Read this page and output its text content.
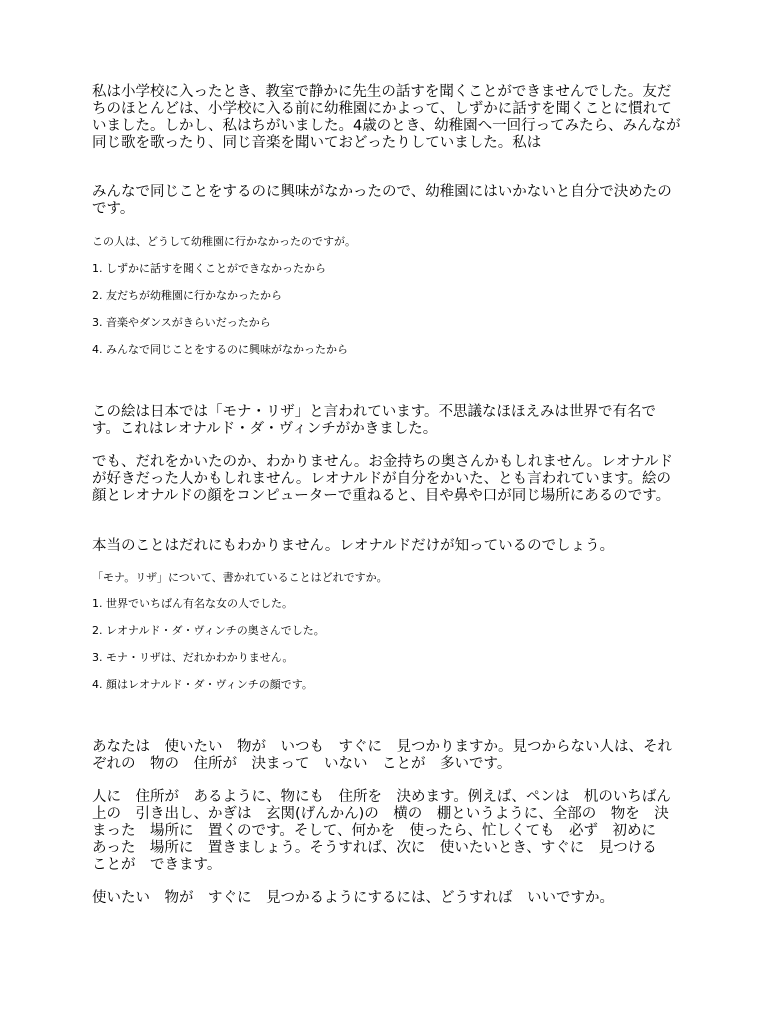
私は小学校に入ったとき、教室で静かに先生の話すを聞くことができませんでした。友だちのほとんどは、小学校に入る前に幼稚園にかよって、しずかに話すを聞くことに慣れていました。しかし、私はちがいました。4歳のとき、幼稚園へ一回行ってみたら、みんなが同じ歌を歌ったり、同じ音楽を聞いておどったりしていました。私は

みんなで同じことをするのに興味がなかったので、幼稚園にはいかないと自分で決めたのです。

この人は、どうして幼稚園に行かなかったのですが。

1. しずかに話すを聞くことができなかったから

2. 友だちが幼稚園に行かなかったから

3. 音楽やダンスがきらいだったから

4. みんなで同じことをするのに興味がなかったから

この絵は日本では「モナ・リザ」と言われています。不思議なほほえみは世界で有名です。これはレオナルド・ダ・ヴィンチがかきました。

でも、だれをかいたのか、わかりません。お金持ちの奥さんかもしれません。レオナルドが好きだった人かもしれません。レオナルドが自分をかいた、とも言われています。絵の顔とレオナルドの顔をコンピューターで重ねると、目や鼻や口が同じ場所にあるのです。

本当のことはだれにもわかりません。レオナルドだけが知っているのでしょう。

「モナ。リザ」について、書かれていることはどれですか。

1. 世界でいちばん有名な女の人でした。

2. レオナルド・ダ・ヴィンチの奥さんでした。

3. モナ・リザは、だれかわかりません。

4. 顔はレオナルド・ダ・ヴィンチの顔です。

あなたは　使いたい　物が　いつも　すぐに　見つかりますか。見つからない人は、それぞれの　物の　住所が　決まって　いない　ことが　多いです。

人に　住所が　あるように、物にも　住所を　決めます。例えば、ペンは　机のいちばん　上の　引き出し、かぎは　玄関(げんかん)の　横の　棚というように、全部の　物を　決まった　場所に　置くのです。そして、何かを　使ったら、忙しくても　必ず　初めに　あった　場所に　置きましょう。そうすれば、次に　使いたいとき、すぐに　見つける　ことが　できます。

使いたい　物が　すぐに　見つかるようにするには、どうすれば　いいですか。
